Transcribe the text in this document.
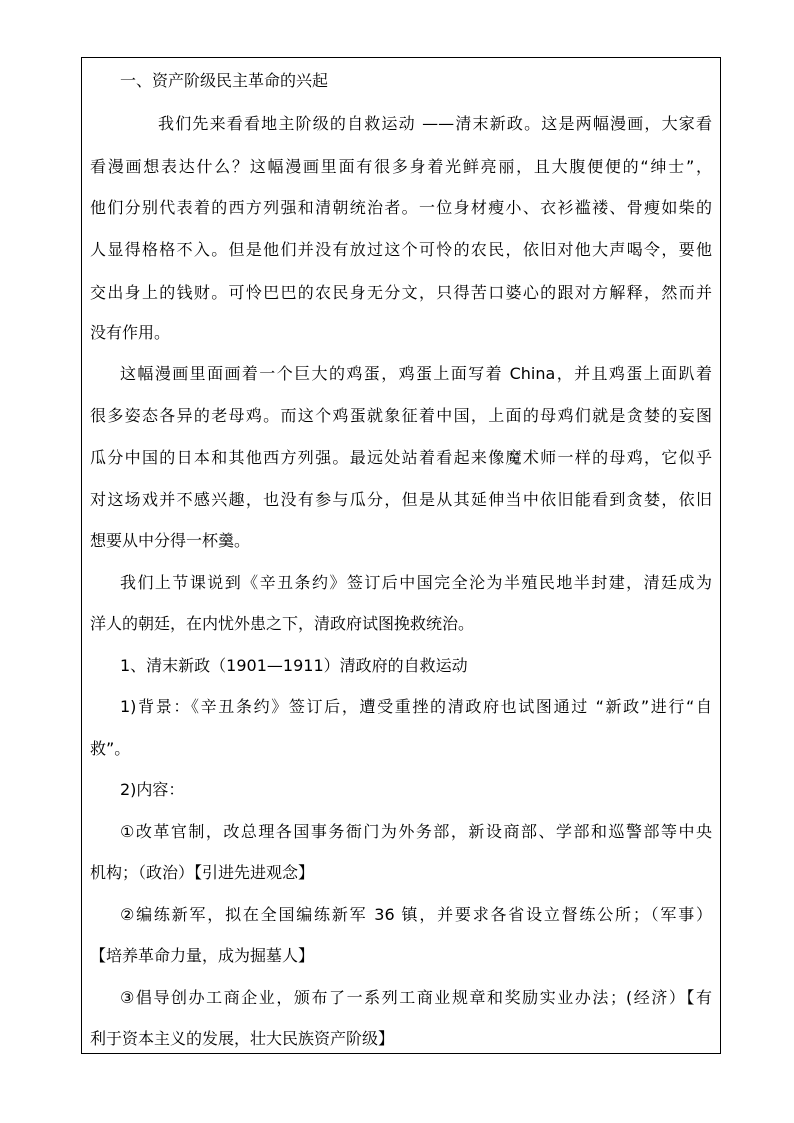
一、资产阶级民主革命的兴起
我们先来看看地主阶级的自救运动 ——清末新政。这是两幅漫画，大家看
看漫画想表达什么？这幅漫画里面有很多身着光鲜亮丽，且大腹便便的“绅士”，
他们分别代表着的西方列强和清朝统治者。一位身材瘦小、衣衫褴褛、骨瘦如柴的
人显得格格不入。但是他们并没有放过这个可怜的农民，依旧对他大声喝令，要他
交出身上的钱财。可怜巴巴的农民身无分文，只得苦口婆心的跟对方解释，然而并
没有作用。
这幅漫画里面画着一个巨大的鸡蛋，鸡蛋上面写着 China，并且鸡蛋上面趴着
很多姿态各异的老母鸡。而这个鸡蛋就象征着中国，上面的母鸡们就是贪婪的妄图
瓜分中国的日本和其他西方列强。最远处站着看起来像魔术师一样的母鸡，它似乎
对这场戏并不感兴趣，也没有参与瓜分，但是从其延伸当中依旧能看到贪婪，依旧
想要从中分得一杯羹。
我们上节课说到《辛丑条约》签订后中国完全沦为半殖民地半封建，清廷成为
洋人的朝廷，在内忧外患之下，清政府试图挽救统治。
1、清末新政（1901—1911）清政府的自救运动
1)背景：《辛丑条约》签订后，遭受重挫的清政府也试图通过 “新政”进行“自
救”。
2)内容：
①改革官制，改总理各国事务衙门为外务部，新设商部、学部和巡警部等中央
机构；（政治）【引进先进观念】
②编练新军，拟在全国编练新军 36 镇，并要求各省设立督练公所；（军事）
【培养革命力量，成为掘墓人】
③倡导创办工商企业，颁布了一系列工商业规章和奖励实业办法；(经济）【有
利于资本主义的发展，壮大民族资产阶级】
